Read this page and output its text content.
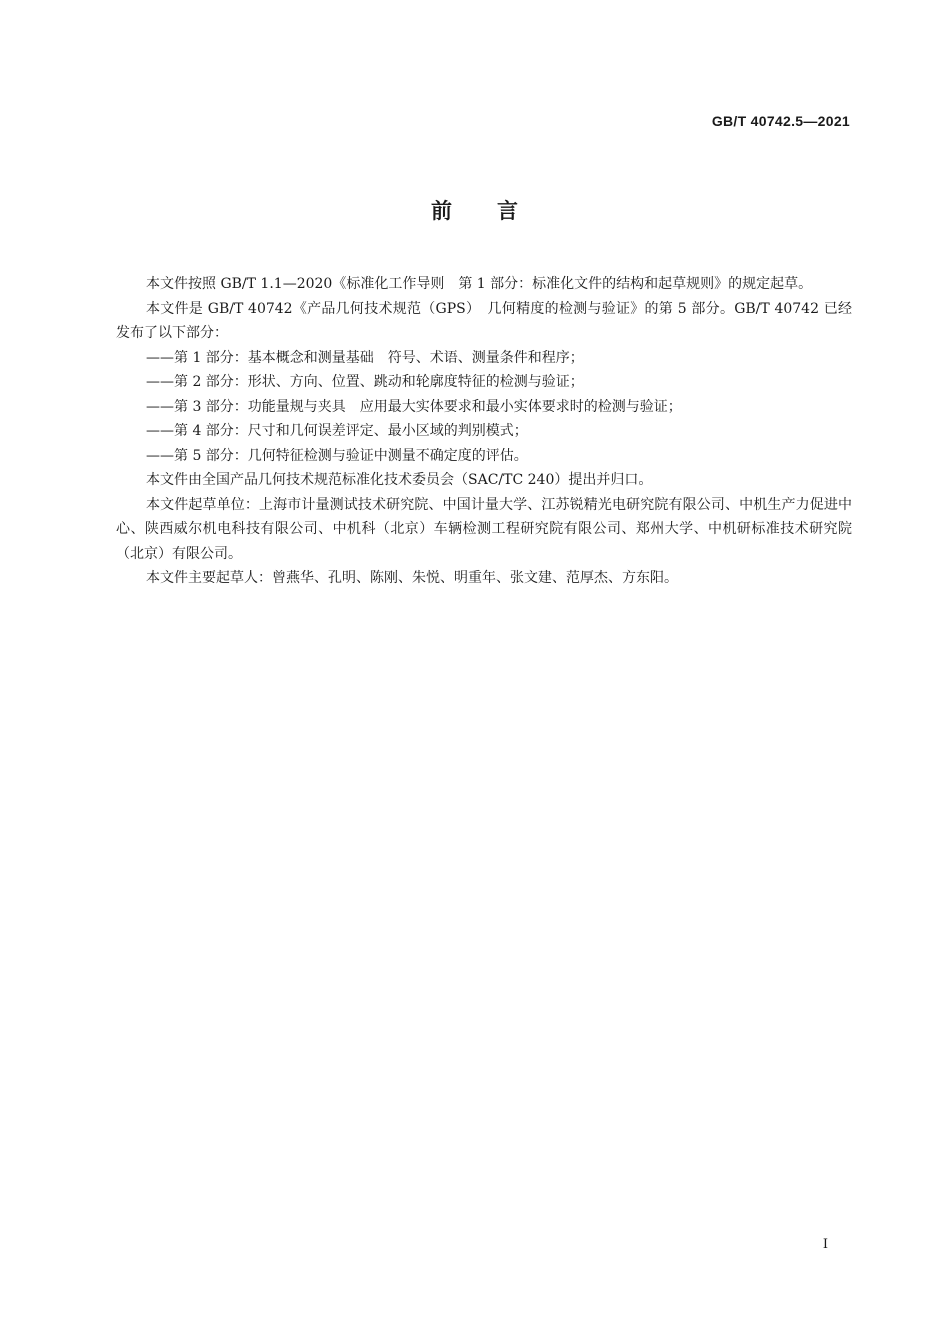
GB/T 40742.5—2021
前　　言

本文件按照 GB/T 1.1—2020《标准化工作导则　第 1 部分：标准化文件的结构和起草规则》的规定起草。

本文件是 GB/T 40742《产品几何技术规范（GPS）　几何精度的检测与验证》的第 5 部分。GB/T 40742 已经发布了以下部分：

——第 1 部分：基本概念和测量基础　符号、术语、测量条件和程序；

——第 2 部分：形状、方向、位置、跳动和轮廓度特征的检测与验证；

——第 3 部分：功能量规与夹具　应用最大实体要求和最小实体要求时的检测与验证；

——第 4 部分：尺寸和几何误差评定、最小区域的判别模式；

——第 5 部分：几何特征检测与验证中测量不确定度的评估。

本文件由全国产品几何技术规范标准化技术委员会（SAC/TC 240）提出并归口。

本文件起草单位：上海市计量测试技术研究院、中国计量大学、江苏锐精光电研究院有限公司、中机生产力促进中心、陕西威尔机电科技有限公司、中机科（北京）车辆检测工程研究院有限公司、郑州大学、中机研标准技术研究院（北京）有限公司。

本文件主要起草人：曾燕华、孔明、陈刚、朱悦、明重年、张文建、范厚杰、方东阳。

I
